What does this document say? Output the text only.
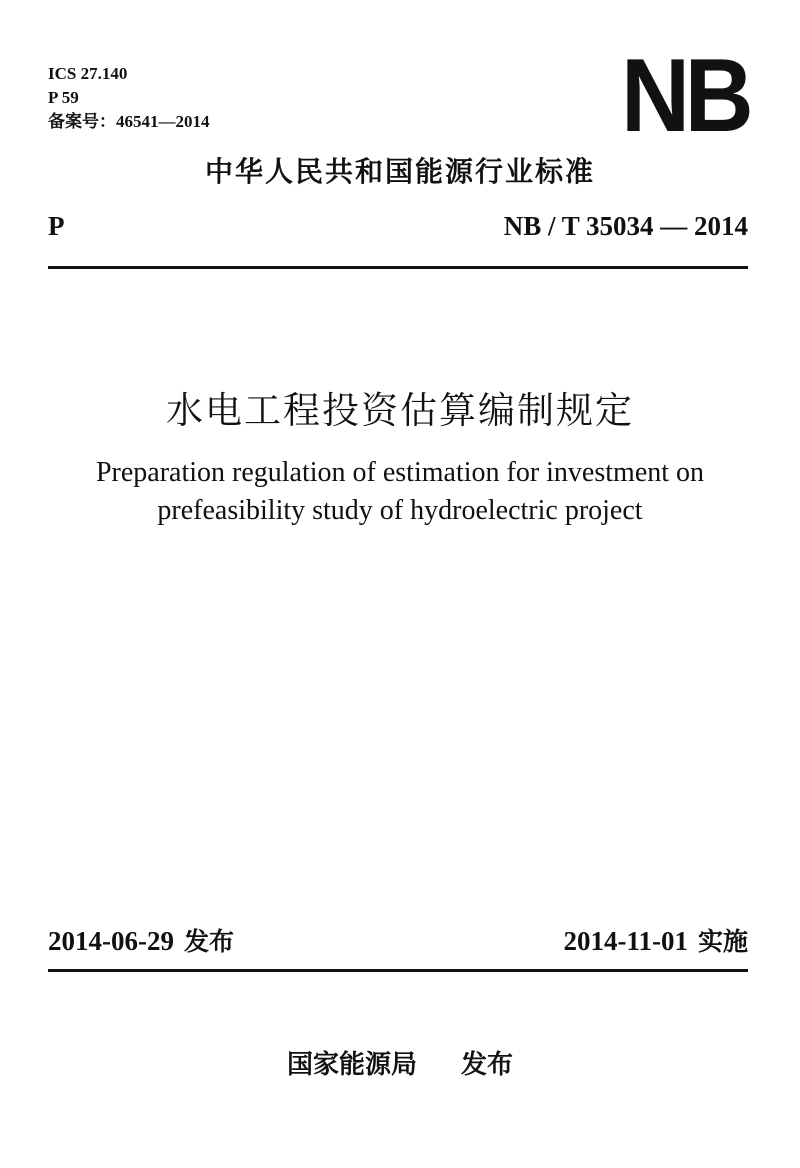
ICS 27.140
P 59
备案号：46541—2014	NB
中华人民共和国能源行业标准
P	NB / T 35034 — 2014
水电工程投资估算编制规定
Preparation regulation of estimation for investment on
prefeasibility study of hydroelectric project
2014-06-29 发布	2014-11-01 实施
国家能源局 发布
